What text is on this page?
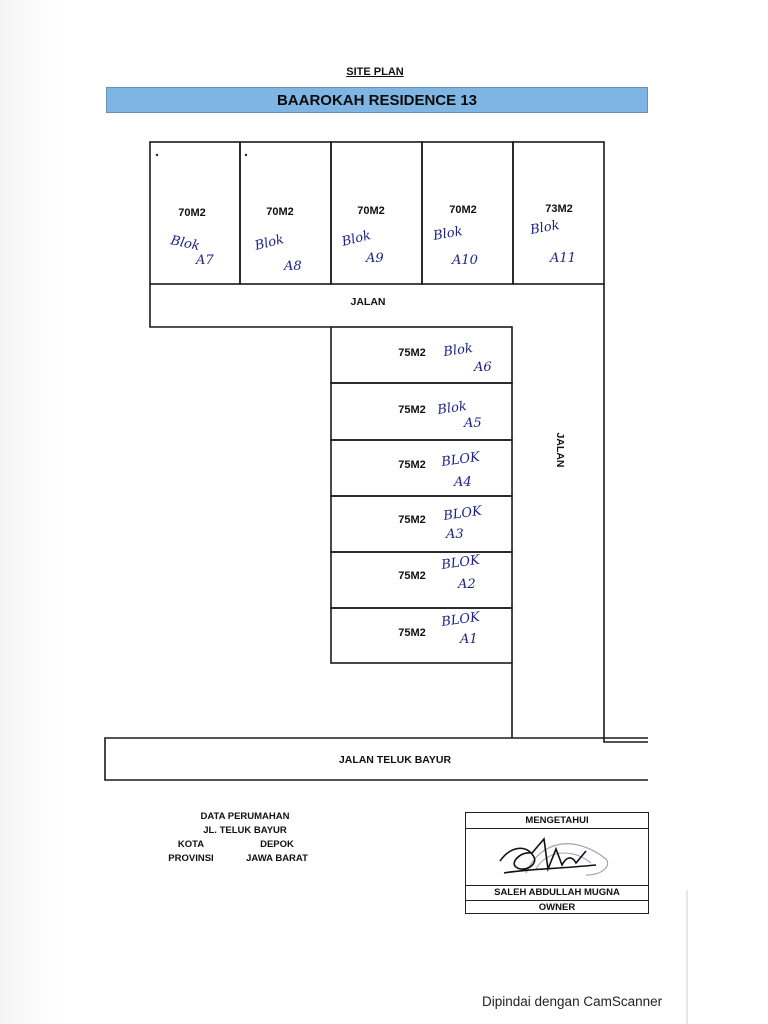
SITE PLAN
BAAROKAH RESIDENCE 13
70M2
Blok
A7
70M2
Blok
A8
70M2
Blok
A9
70M2
Blok
A10
73M2
Blok
A11
JALAN
JALAN
JALAN TELUK BAYUR
75M2 Blok
A6
75M2 Blok
A5
75M2 BLOK
A4
75M2 BLOK
A3
75M2
BLOK
A2
75M2
BLOK
A1
DATA PERUMAHAN
JL. TELUK BAYUR
KOTA	DEPOK
PROVINSI	JAWA BARAT
MENGETAHUI
SALEH ABDULLAH MUGNA
OWNER
Dipindai dengan CamScanner
